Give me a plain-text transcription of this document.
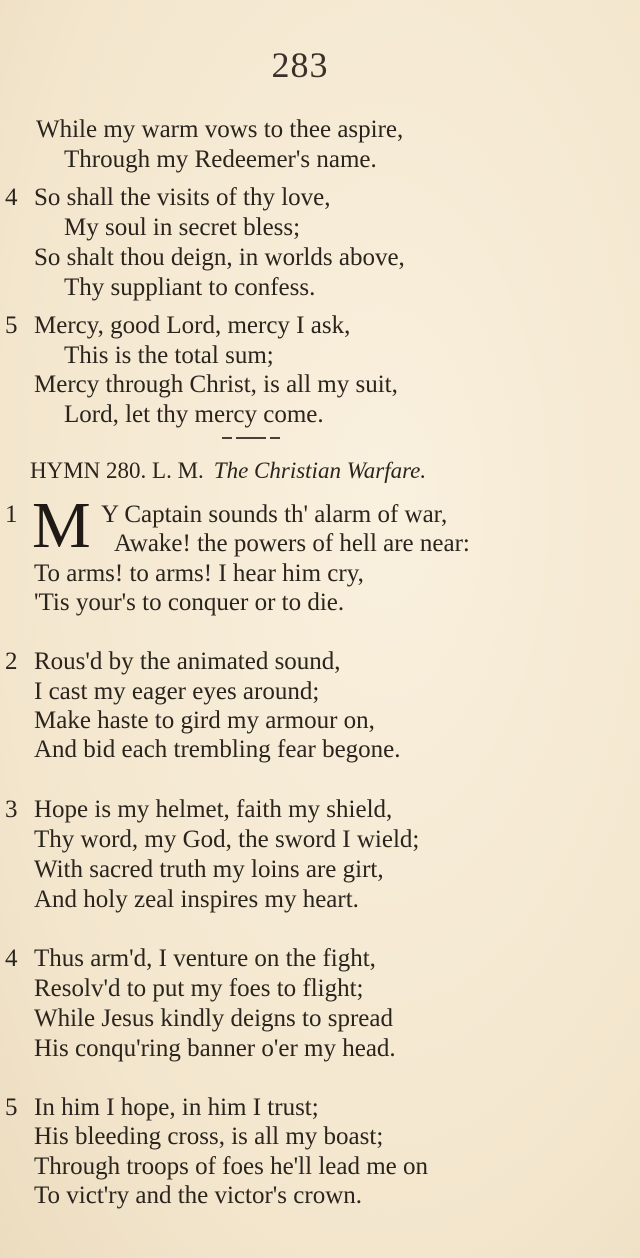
283
While my warm vows to thee aspire,
Through my Redeemer's name.
4 So shall the visits of thy love,
My soul in secret bless;
So shalt thou deign, in worlds above,
Thy suppliant to confess.
5 Mercy, good Lord, mercy I ask,
This is the total sum;
Mercy through Christ, is all my suit,
Lord, let thy mercy come.
HYMN 280. L. M. The Christian Warfare.
1 M Y Captain sounds th' alarm of war,
Awake! the powers of hell are near:
To arms! to arms! I hear him cry,
'Tis your's to conquer or to die.
2 Rous'd by the animated sound,
I cast my eager eyes around;
Make haste to gird my armour on,
And bid each trembling fear begone.
3 Hope is my helmet, faith my shield,
Thy word, my God, the sword I wield;
With sacred truth my loins are girt,
And holy zeal inspires my heart.
4 Thus arm'd, I venture on the fight,
Resolv'd to put my foes to flight;
While Jesus kindly deigns to spread
His conqu'ring banner o'er my head.
5 In him I hope, in him I trust;
His bleeding cross, is all my boast;
Through troops of foes he'll lead me on
To vict'ry and the victor's crown.
